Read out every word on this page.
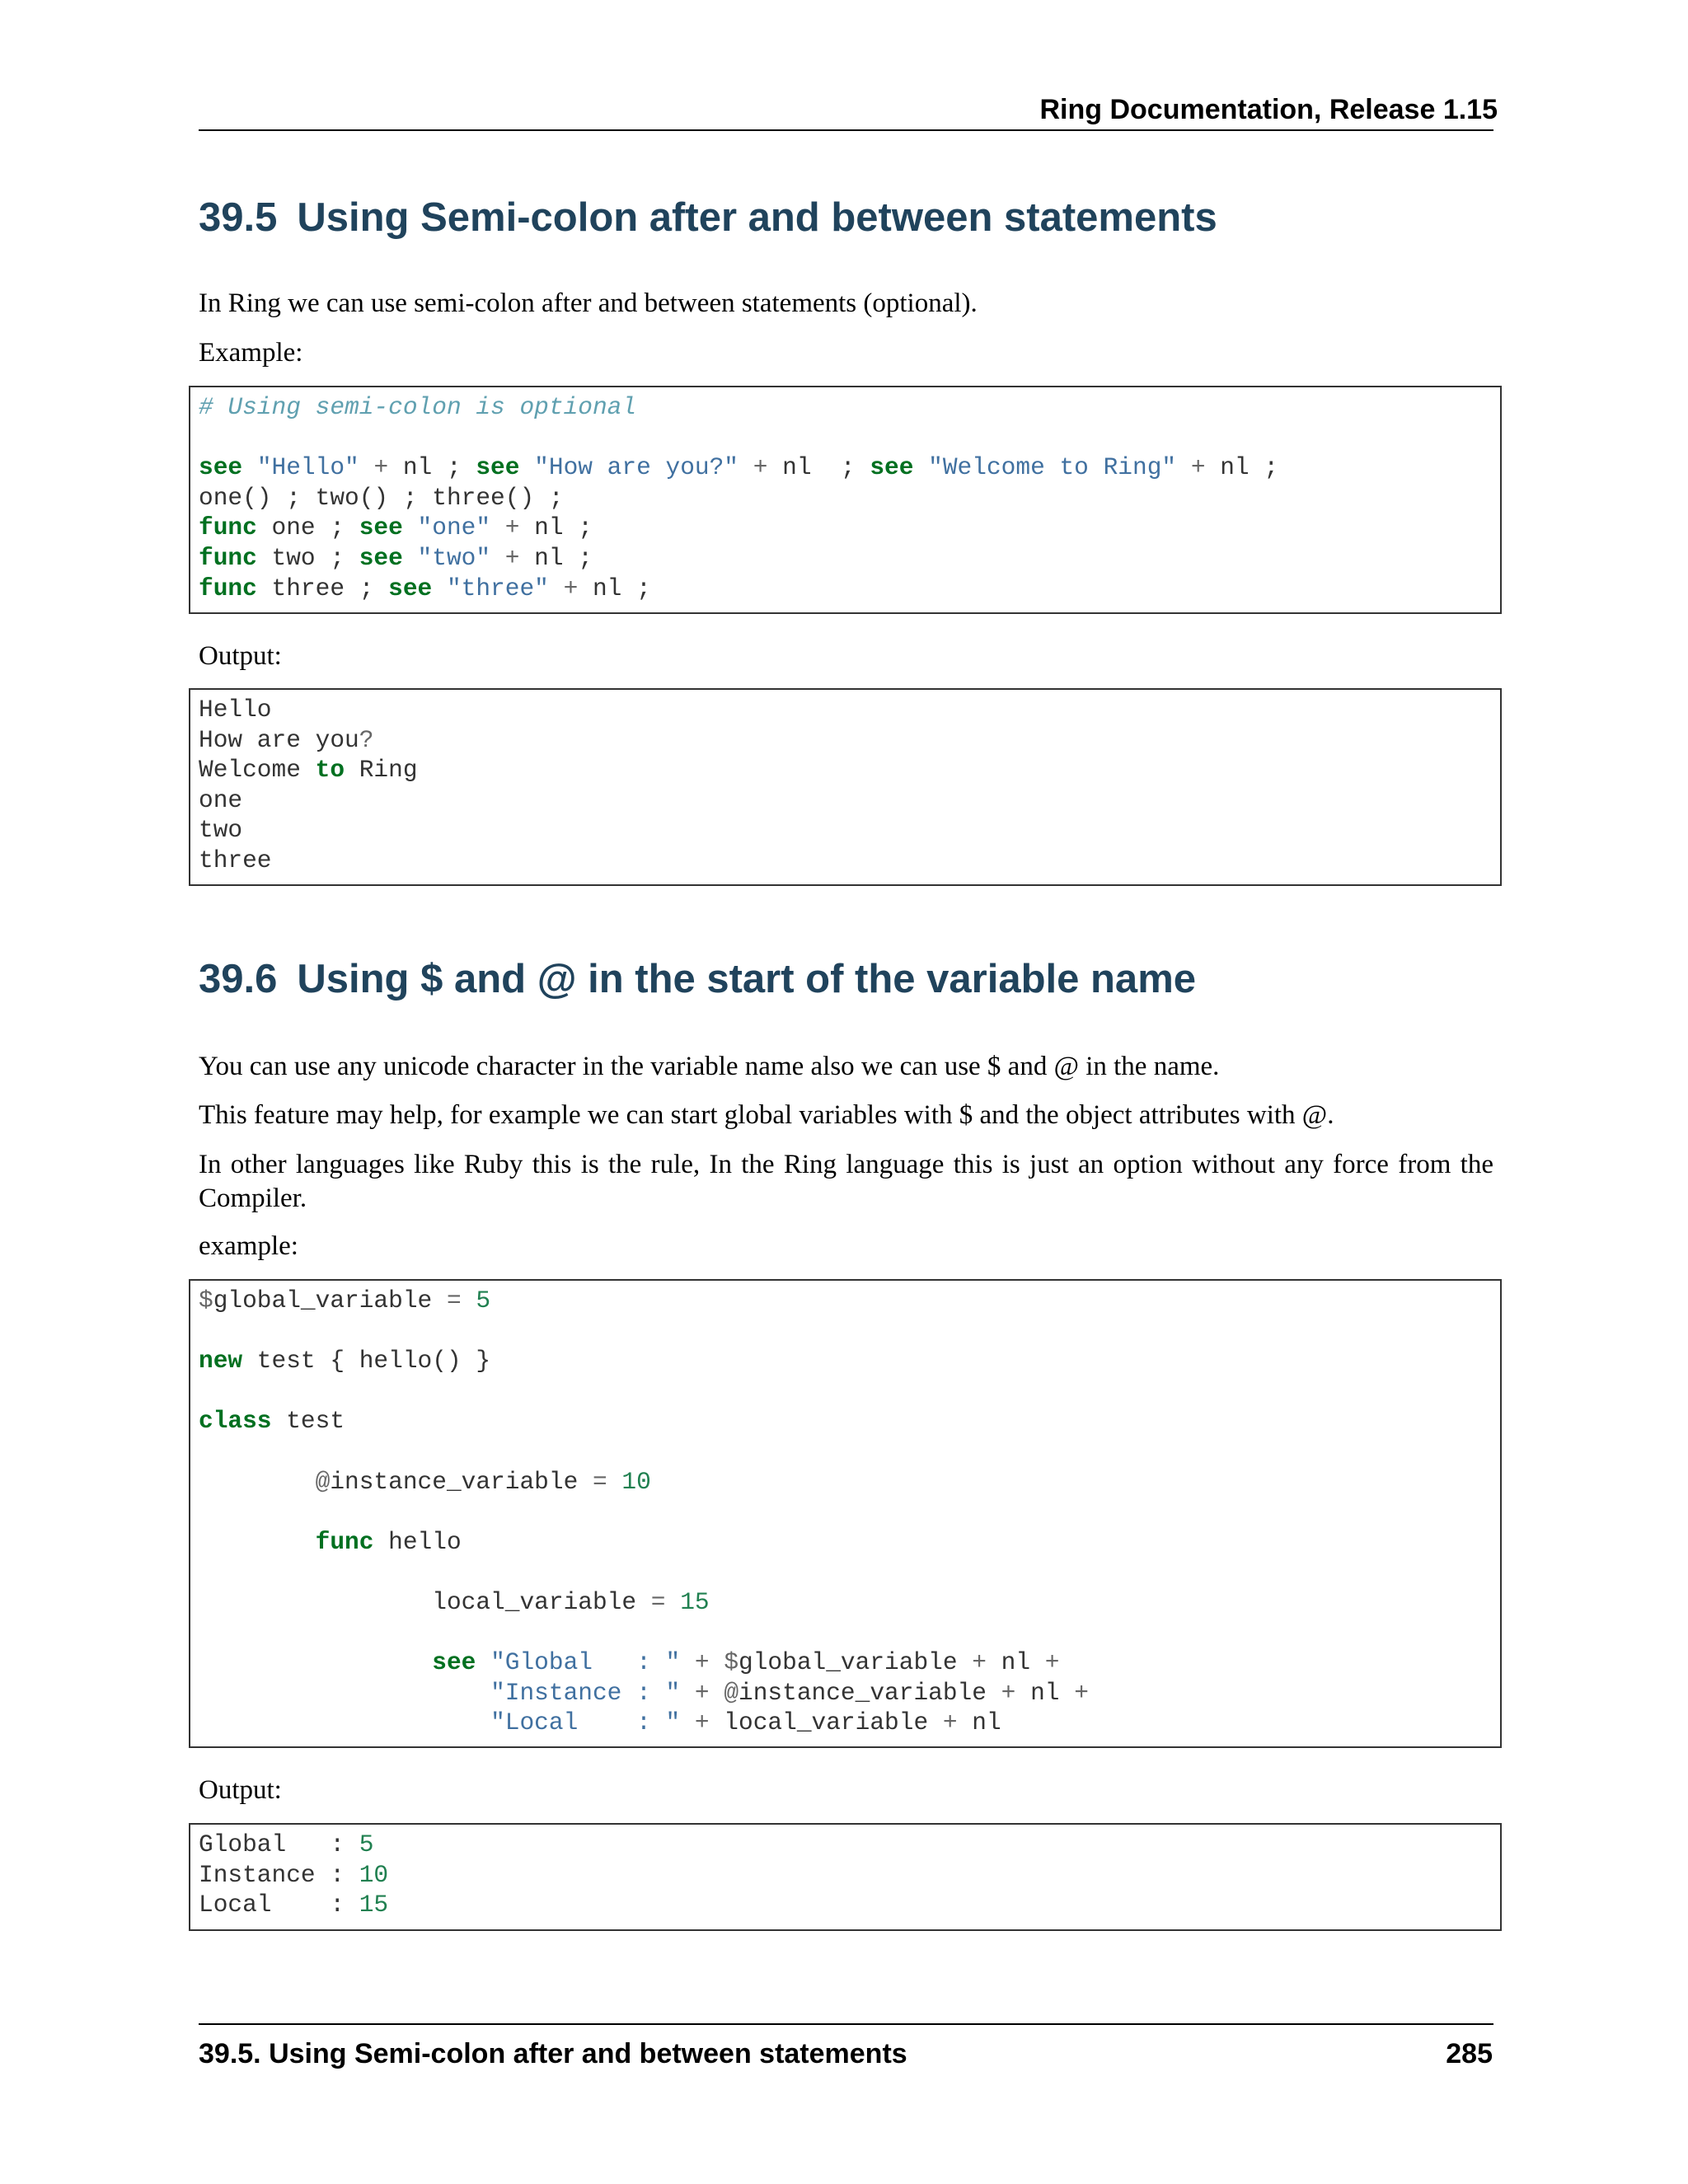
Ring Documentation, Release 1.15
39.5 Using Semi-colon after and between statements

In Ring we can use semi-colon after and between statements (optional).

Example:

# Using semi-colon is optional

see "Hello" + nl ; see "How are you?" + nl  ; see "Welcome to Ring" + nl ;
one() ; two() ; three() ;
func one ; see "one" + nl ;
func two ; see "two" + nl ;
func three ; see "three" + nl ;

Output:

Hello
How are you?
Welcome to Ring
one
two
three
39.6 Using $ and @ in the start of the variable name

You can use any unicode character in the variable name also we can use $ and @ in the name.

This feature may help, for example we can start global variables with $ and the object attributes with @.

In other languages like Ruby this is the rule, In the Ring language this is just an option without any force from the Compiler.

example:

$global_variable = 5

new test { hello() }

class test

@instance_variable = 10

func hello

local_variable = 15

see "Global   : " + $global_variable + nl +
"Instance : " + @instance_variable + nl +
"Local    : " + local_variable + nl

Output:

Global   : 5
Instance : 10
Local    : 15
39.5. Using Semi-colon after and between statements	285
